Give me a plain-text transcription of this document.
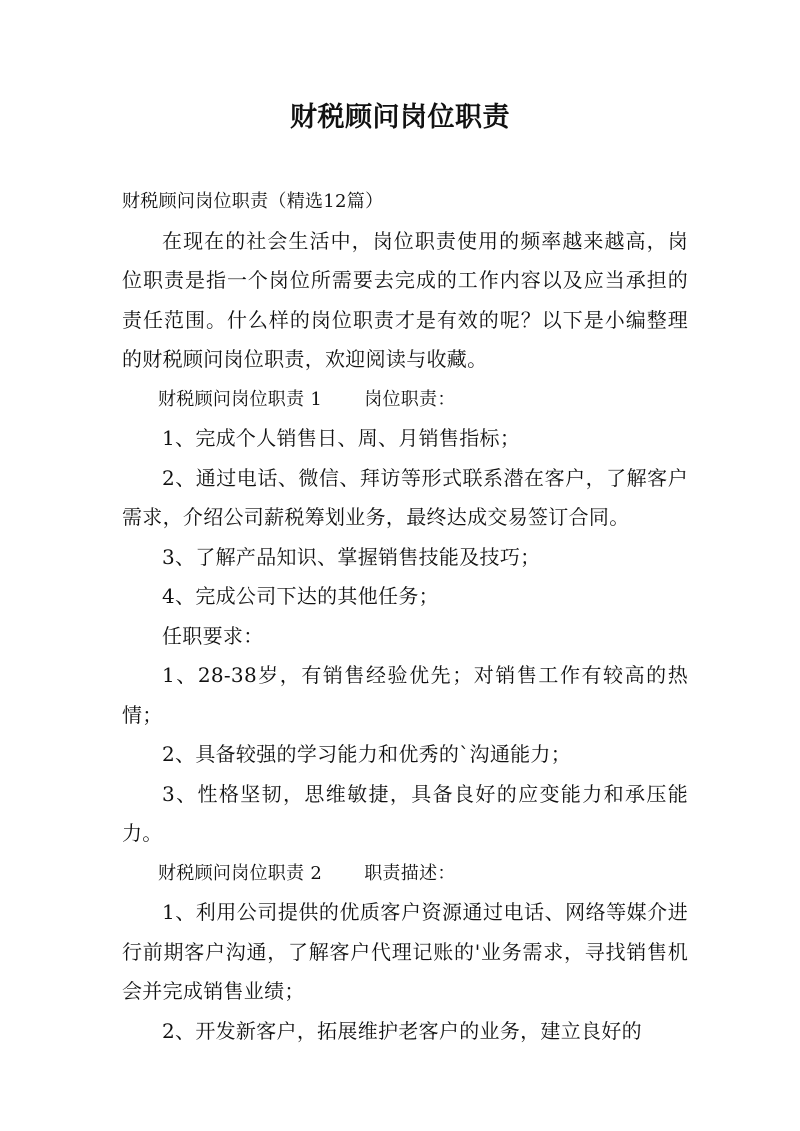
财税顾问岗位职责

财税顾问岗位职责（精选12篇）

在现在的社会生活中，岗位职责使用的频率越来越高，岗位职责是指一个岗位所需要去完成的工作内容以及应当承担的责任范围。什么样的岗位职责才是有效的呢？以下是小编整理的财税顾问岗位职责，欢迎阅读与收藏。

财税顾问岗位职责 1 岗位职责：

1、完成个人销售日、周、月销售指标；

2、通过电话、微信、拜访等形式联系潜在客户，了解客户需求，介绍公司薪税筹划业务，最终达成交易签订合同。

3、了解产品知识、掌握销售技能及技巧；

4、完成公司下达的其他任务；

任职要求：

1、28-38岁，有销售经验优先；对销售工作有较高的热情；

2、具备较强的学习能力和优秀的`沟通能力；

3、性格坚韧，思维敏捷，具备良好的应变能力和承压能力。

财税顾问岗位职责 2 职责描述：

1、利用公司提供的优质客户资源通过电话、网络等媒介进行前期客户沟通，了解客户代理记账的'业务需求，寻找销售机会并完成销售业绩；

2、开发新客户，拓展维护老客户的业务，建立良好的
